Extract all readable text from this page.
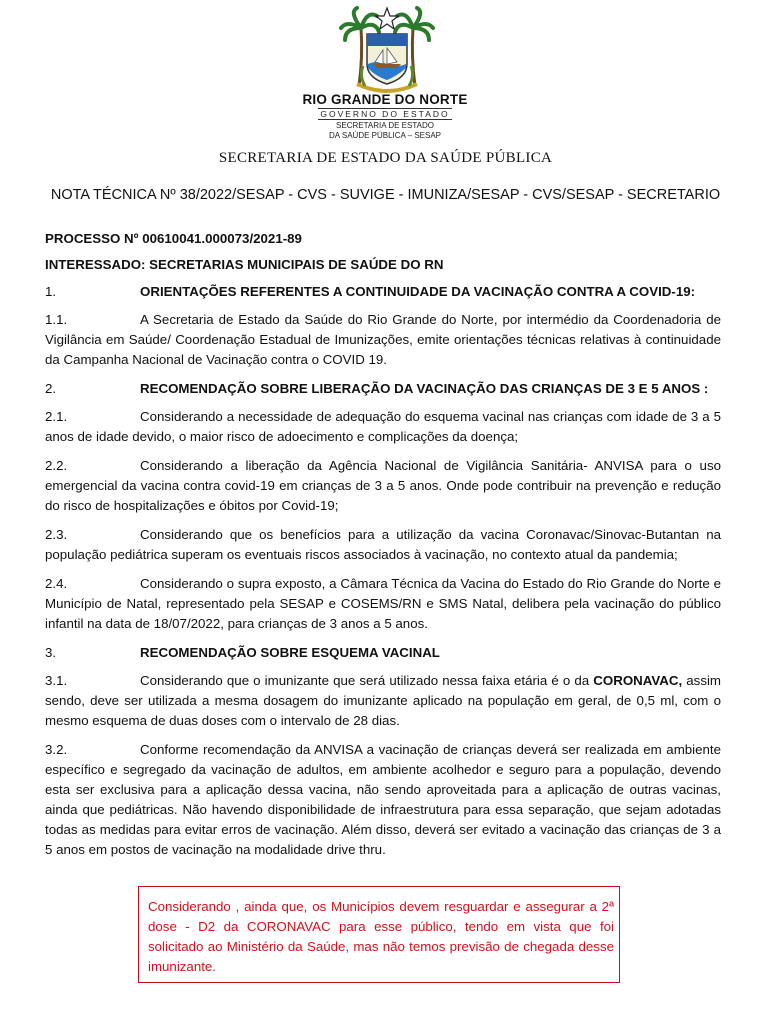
RIO GRANDE DO NORTE
GOVERNO DO ESTADO
SECRETARIA DE ESTADO
DA SAÚDE PÚBLICA – SESAP
SECRETARIA DE ESTADO DA SAÚDE PÚBLICA
NOTA TÉCNICA Nº 38/2022/SESAP - CVS - SUVIGE - IMUNIZA/SESAP - CVS/SESAP - SECRETARIO

PROCESSO Nº 00610041.000073/2021-89

INTERESSADO: SECRETARIAS MUNICIPAIS DE SAÚDE DO RN

1.	ORIENTAÇÕES REFERENTES A CONTINUIDADE DA VACINAÇÃO CONTRA A COVID-19:

1.1.	A Secretaria de Estado da Saúde do Rio Grande do Norte, por intermédio da Coordenadoria de Vigilância em Saúde/ Coordenação Estadual de Imunizações, emite orientações técnicas relativas à continuidade da Campanha Nacional de Vacinação contra o COVID 19.

2.	RECOMENDAÇÃO SOBRE LIBERAÇÃO DA VACINAÇÃO DAS CRIANÇAS DE 3 E 5 ANOS :

2.1.	Considerando a necessidade de adequação do esquema vacinal nas crianças com idade de 3 a 5 anos de idade devido, o maior risco de adoecimento e complicações da doença;

2.2.	Considerando a liberação da Agência Nacional de Vigilância Sanitária- ANVISA para o uso emergencial da vacina contra covid-19 em crianças de 3 a 5 anos. Onde pode contribuir na prevenção e redução do risco de hospitalizações e óbitos por Covid-19;

2.3.	Considerando que os benefícios para a utilização da vacina Coronavac/Sinovac-Butantan na população pediátrica superam os eventuais riscos associados à vacinação, no contexto atual da pandemia;

2.4.	Considerando o supra exposto, a Câmara Técnica da Vacina do Estado do Rio Grande do Norte e Município de Natal, representado pela SESAP e COSEMS/RN e SMS Natal, delibera pela vacinação do público infantil na data de 18/07/2022, para crianças de 3 anos a 5 anos.

3.	RECOMENDAÇÃO SOBRE ESQUEMA VACINAL

3.1.	Considerando que o imunizante que será utilizado nessa faixa etária é o da CORONAVAC, assim sendo, deve ser utilizada a mesma dosagem do imunizante aplicado na população em geral, de 0,5 ml, com o mesmo esquema de duas doses com o intervalo de 28 dias.

3.2.	Conforme recomendação da ANVISA a vacinação de crianças deverá ser realizada em ambiente específico e segregado da vacinação de adultos, em ambiente acolhedor e seguro para a população, devendo esta ser exclusiva para a aplicação dessa vacina, não sendo aproveitada para a aplicação de outras vacinas, ainda que pediátricas. Não havendo disponibilidade de infraestrutura para essa separação, que sejam adotadas todas as medidas para evitar erros de vacinação. Além disso, deverá ser evitado a vacinação das crianças de 3 a 5 anos em postos de vacinação na modalidade drive thru.

Considerando , ainda que, os Municípios devem resguardar e assegurar a 2ª dose - D2 da CORONAVAC para esse público, tendo em vista que foi solicitado ao Ministério da Saúde, mas não temos previsão de chegada desse imunizante.
